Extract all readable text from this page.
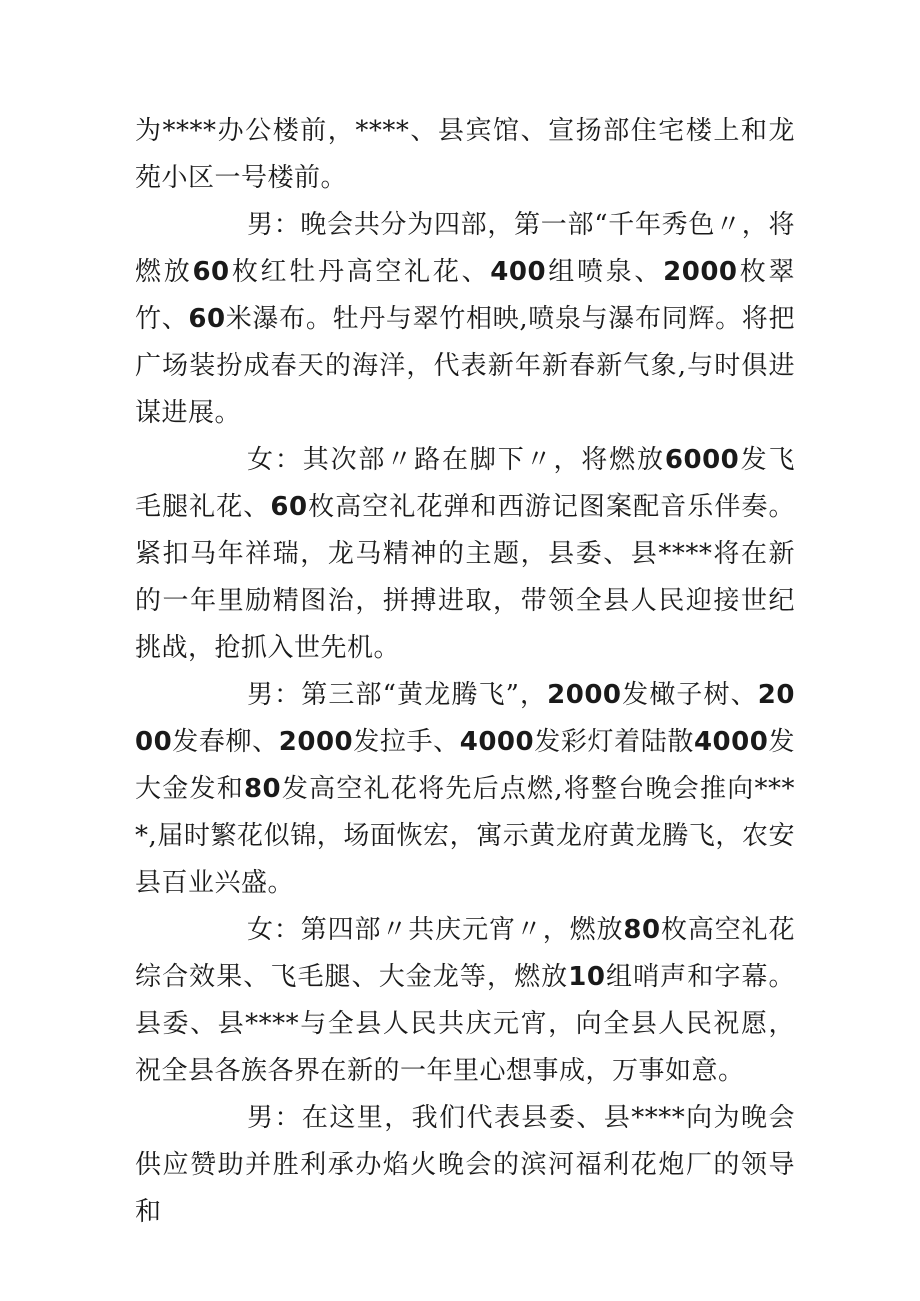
为****办公楼前，****、县宾馆、宣扬部住宅楼上和龙苑小区一号楼前。

男：晚会共分为四部，第一部“千年秀色〃，将燃放60枚红牡丹高空礼花、400组喷泉、2000枚翠竹、60米瀑布。牡丹与翠竹相映,喷泉与瀑布同辉。将把广场装扮成春天的海洋，代表新年新春新气象,与时俱进谋进展。

女：其次部〃路在脚下〃，将燃放6000发飞毛腿礼花、60枚高空礼花弹和西游记图案配音乐伴奏。紧扣马年祥瑞，龙马精神的主题，县委、县****将在新的一年里励精图治，拼搏进取，带领全县人民迎接世纪挑战，抢抓入世先机。

男：第三部“黄龙腾飞”，2000发橄子树、2000发春柳、2000发拉手、4000发彩灯着陆散4000发大金发和80发高空礼花将先后点燃,将整台晚会推向****,届时繁花似锦，场面恢宏，寓示黄龙府黄龙腾飞，农安县百业兴盛。

女：第四部〃共庆元宵〃，燃放80枚高空礼花综合效果、飞毛腿、大金龙等，燃放10组哨声和字幕。县委、县****与全县人民共庆元宵，向全县人民祝愿，祝全县各族各界在新的一年里心想事成，万事如意。

男：在这里，我们代表县委、县****向为晚会供应赞助并胜利承办焰火晚会的滨河福利花炮厂的领导和
